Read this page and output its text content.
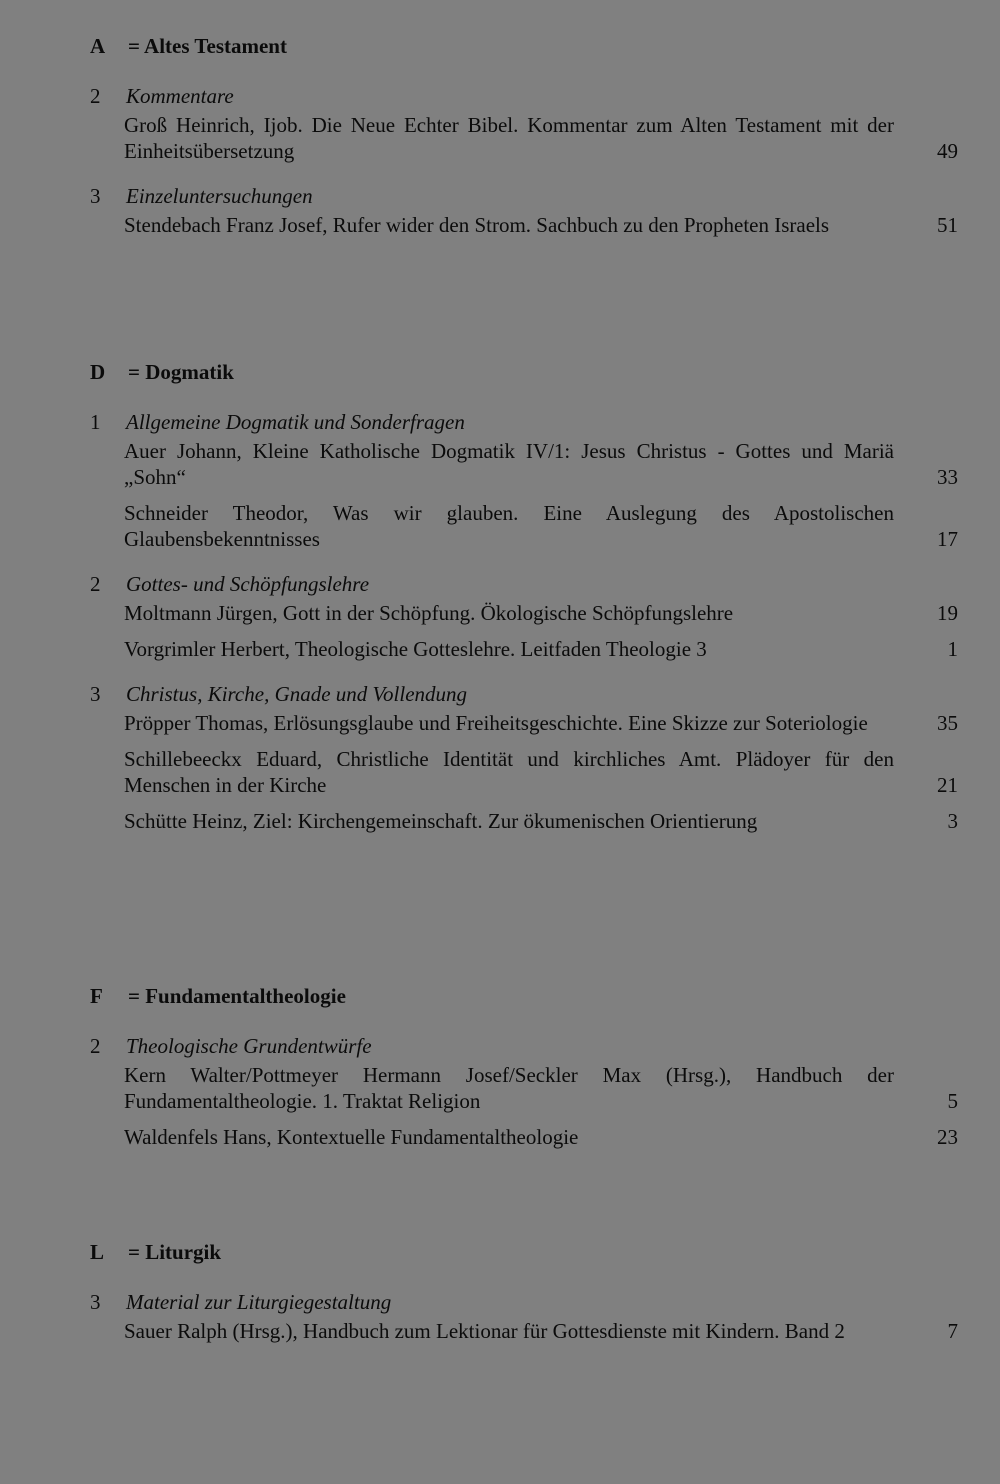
A = Altes Testament
2 Kommentare
Groß Heinrich, Ijob. Die Neue Echter Bibel. Kommentar zum Alten Testament mit der Einheitsübersetzung	49
3 Einzeluntersuchungen
Stendebach Franz Josef, Rufer wider den Strom. Sachbuch zu den Propheten Israels	51
D = Dogmatik
1 Allgemeine Dogmatik und Sonderfragen
Auer Johann, Kleine Katholische Dogmatik IV/1: Jesus Christus - Gottes und Mariä „Sohn“	33
Schneider Theodor, Was wir glauben. Eine Auslegung des Apostolischen Glaubensbekenntnisses	17
2 Gottes- und Schöpfungslehre
Moltmann Jürgen, Gott in der Schöpfung. Ökologische Schöpfungslehre	19
Vorgrimler Herbert, Theologische Gotteslehre. Leitfaden Theologie 3	1
3 Christus, Kirche, Gnade und Vollendung
Pröpper Thomas, Erlösungsglaube und Freiheitsgeschichte. Eine Skizze zur Soteriologie	35
Schillebeeckx Eduard, Christliche Identität und kirchliches Amt. Plädoyer für den Menschen in der Kirche	21
Schütte Heinz, Ziel: Kirchengemeinschaft. Zur ökumenischen Orientierung	3
F = Fundamentaltheologie
2 Theologische Grundentwürfe
Kern Walter/Pottmeyer Hermann Josef/Seckler Max (Hrsg.), Handbuch der Fundamentaltheologie. 1. Traktat Religion	5
Waldenfels Hans, Kontextuelle Fundamentaltheologie	23
L = Liturgik
3 Material zur Liturgiegestaltung
Sauer Ralph (Hrsg.), Handbuch zum Lektionar für Gottesdienste mit Kindern. Band 2	7
